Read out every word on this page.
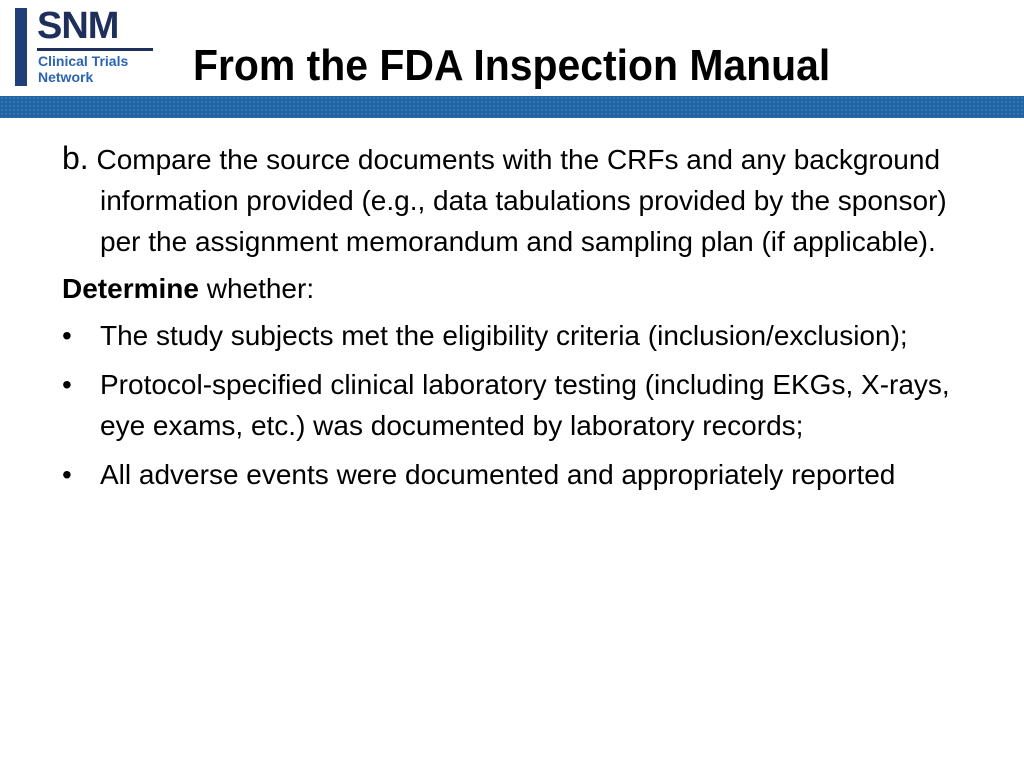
SNM
Clinical Trials
Network	From the FDA Inspection Manual

b. Compare the source documents with the CRFs and any background information provided (e.g., data tabulations provided by the sponsor) per the assignment memorandum and sampling plan (if applicable).

Determine whether:

• The study subjects met the eligibility criteria (inclusion/exclusion);
• Protocol-specified clinical laboratory testing (including EKGs, X-rays, eye exams, etc.) was documented by laboratory records;
• All adverse events were documented and appropriately reported
